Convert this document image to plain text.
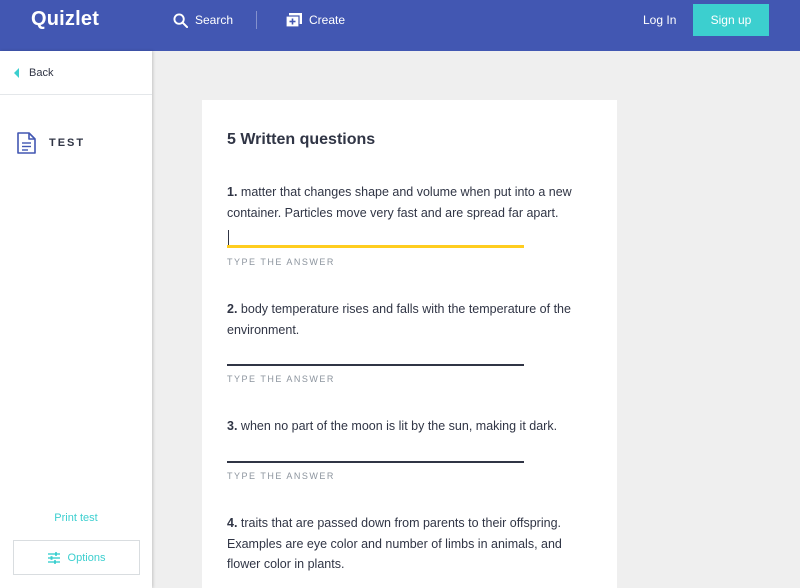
Quizlet	Search	Create	Log In	Sign up
Back
TEST
Print test
Options
5 Written questions
1. matter that changes shape and volume when put into a new container. Particles move very fast and are spread far apart.
TYPE THE ANSWER
2. body temperature rises and falls with the temperature of the environment.
TYPE THE ANSWER
3. when no part of the moon is lit by the sun, making it dark.
TYPE THE ANSWER
4. traits that are passed down from parents to their offspring. Examples are eye color and number of limbs in animals, and flower color in plants.
